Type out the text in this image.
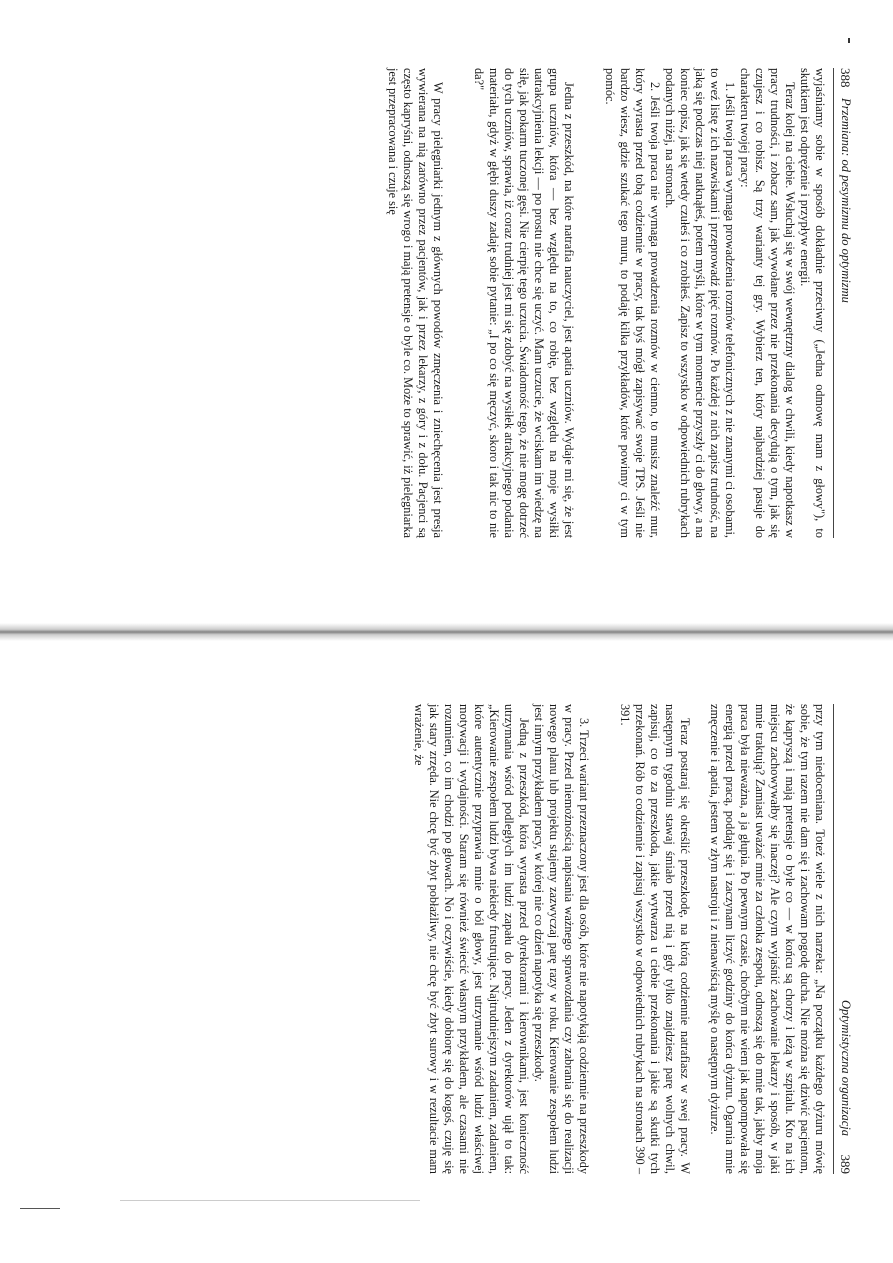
388
Przemiana: od pesymizmu do optymizmu

wyjaśniamy sobie w sposób dokładnie przeciwny („Jedna odmowę mam z głowy"), to skutkiem jest odprężenie i przypływ energii.

Teraz kolej na ciebie. Wsłuchaj się w swój wewnętrzny dialog w chwili, kiedy napotkasz w pracy trudności, i zobacz sam, jak wywołane przez nie przekonania decydują o tym, jak się czujesz i co robisz. Są trzy warianty tej gry. Wybierz ten, który najbardziej pasuje do charakteru twojej pracy:

1. Jeśli twoja praca wymaga prowadzenia rozmów telefonicznych z nie znanymi ci osobami, to weź listę z ich nazwiskami i przeprowadź pięć rozmów. Po każdej z nich zapisz trudność, na jaką się podczas niej natknąłeś, potem myśli, które w tym momencie przyszły ci do głowy, a na koniec opisz, jak się wtedy czułeś i co zrobiłeś. Zapisz to wszystko w odpowiednich rubrykach podanych niżej, na stronach.

2. Jeśli twoja praca nie wymaga prowadzenia rozmów w ciemno, to musisz znaleźć mur, który wyrasta przed tobą codziennie w pracy, tak byś mógł zapisywać swoje TPS. Jeśli nie bardzo wiesz, gdzie szukać tego muru, to podaję kilka przykładów, które powinny ci w tym pomóc.

Jedna z przeszkód, na które natrafia nauczyciel, jest apatia uczniów. Wydaje mi się, że jest grupa uczniów, która — bez względu na to, co robię, bez względu na moje wysiłki uatrakcyjnienia lekcji — po prostu nie chce się uczyć. Mam uczucie, że wciskam im wiedzę na siłę, jak pokarm tuczonej gęsi. Nie cierpię tego uczucia. Świadomość tego, że nie mogę dotrzeć do tych uczniów, sprawia, iż coraz trudniej jest mi się zdobyć na wysiłek atrakcyjnego podania materiału, gdyż w głębi duszy zadaję sobie pytanie: „I po co się męczyć, skoro i tak nic to nie da?"

W pracy pielęgniarki jednym z głównych powodów zmęczenia i zniechęcenia jest presja wywierana na nią zarówno przez pacjentów, jak i przez lekarzy, z góry i z dołu. Pacjenci są często kapryśni, odnoszą się wrogo i mają pretensje o byle co. Może to sprawić, iż pielęgniarka jest przepracowana i czuje się

Optymistyczna organizacja
389

przy tym niedoceniana. Toteż wiele z nich narzeka: „Na początku każdego dyżuru mówię sobie, że tym razem nie dam się i zachowam pogodę ducha. Nie można się dziwić pacjentom, że kapryszą i mają pretensje o byle co — w końcu są chorzy i leżą w szpitalu. Kto na ich miejscu zachowywałby się inaczej? Ale czym wyjaśnić zachowanie lekarzy i sposób, w jaki mnie traktują? Zamiast uważać mnie za członka zespołu, odnoszą się do mnie tak, jakby moja praca była nieważna, a ja głupia. Po pewnym czasie, choćbym nie wiem jak napompowała się energią przed pracą, poddaję się i zaczynam liczyć godziny do końca dyżuru. Ogarnia mnie zmęczenie i apatia, jestem w złym nastroju i z nienawiścią myślę o następnym dyżurze.

Teraz postaraj się określić przeszkodę, na którą codziennie natrafiasz w swej pracy. W następnym tygodniu stawaj śmiało przed nią i gdy tylko znajdziesz parę wolnych chwil, zapisuj, co to za przeszkoda, jakie wytwarza u ciebie przekonania i jakie są skutki tych przekonań. Rób to codziennie i zapisuj wszystko w odpowiednich rubrykach na stronach 390 – 391.

3. Trzeci wariant przeznaczony jest dla osób, które nie napotykają codziennie na przeszkody w pracy. Przed niemożnością napisania ważnego sprawozdania czy zabrania się do realizacji nowego planu lub projektu stajemy zazwyczaj parę razy w roku. Kierowanie zespołem ludzi jest innym przykładem pracy, w której nie co dzień napotyka się przeszkody.

Jedną z przeszkód, która wyrasta przed dyrektorami i kierownikami, jest konieczność utrzymania wśród podległych im ludzi zapału do pracy. Jeden z dyrektorów ujął to tak: „Kierowanie zespołem ludzi bywa niekiedy frustrujące. Najtrudniejszym zadaniem, zadaniem, które autentycznie przyprawia mnie o ból głowy, jest utrzymanie wśród ludzi właściwej motywacji i wydajności. Staram się również świecić własnym przykładem, ale czasami nie rozumiem, co im chodzi po głowach. No i oczywiście, kiedy dobiorę się do kogoś, czuję się jak stary zrzęda. Nie chcę być zbyt pobłażliwy, nie chcę być zbyt surowy i w rezultacie mam wrażenie, że
